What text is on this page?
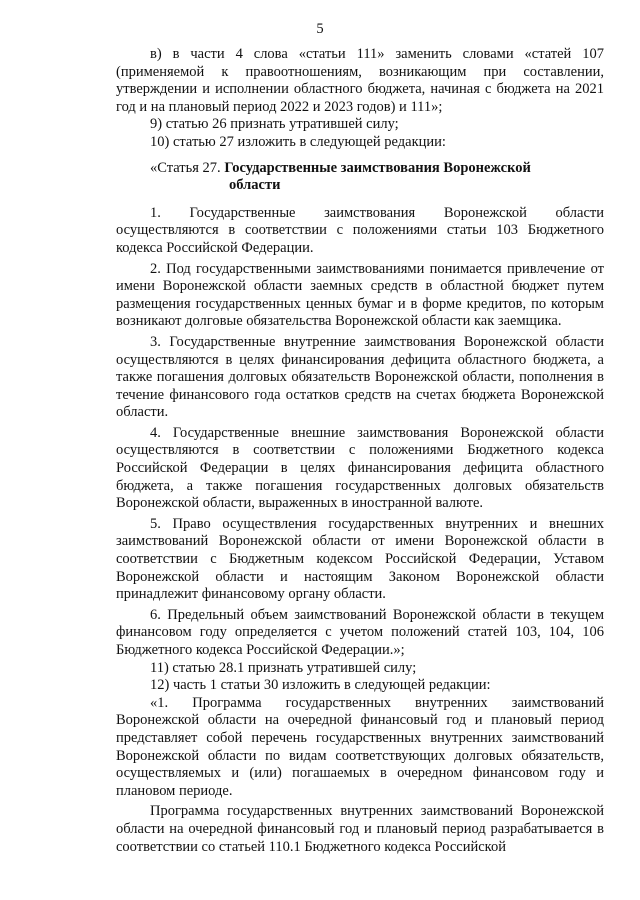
5

в) в части 4 слова «статьи 111» заменить словами «статей 107 (применяемой к правоотношениям, возникающим при составлении, утверждении и исполнении областного бюджета, начиная с бюджета на 2021 год и на плановый период 2022 и 2023 годов) и 111»;

9) статью 26 признать утратившей силу;

10) статью 27 изложить в следующей редакции:

«Статья 27. Государственные заимствования Воронежской
области

1. Государственные заимствования Воронежской области осуществляются в соответствии с положениями статьи 103 Бюджетного кодекса Российской Федерации.

2. Под государственными заимствованиями понимается привлечение от имени Воронежской области заемных средств в областной бюджет путем размещения государственных ценных бумаг и в форме кредитов, по которым возникают долговые обязательства Воронежской области как заемщика.

3. Государственные внутренние заимствования Воронежской области осуществляются в целях финансирования дефицита областного бюджета, а также погашения долговых обязательств Воронежской области, пополнения в течение финансового года остатков средств на счетах бюджета Воронежской области.

4. Государственные внешние заимствования Воронежской области осуществляются в соответствии с положениями Бюджетного кодекса Российской Федерации в целях финансирования дефицита областного бюджета, а также погашения государственных долговых обязательств Воронежской области, выраженных в иностранной валюте.

5. Право осуществления государственных внутренних и внешних заимствований Воронежской области от имени Воронежской области в соответствии с Бюджетным кодексом Российской Федерации, Уставом Воронежской области и настоящим Законом Воронежской области принадлежит финансовому органу области.

6. Предельный объем заимствований Воронежской области в текущем финансовом году определяется с учетом положений статей 103, 104, 106 Бюджетного кодекса Российской Федерации.»;

11) статью 28.1 признать утратившей силу;

12) часть 1 статьи 30 изложить в следующей редакции:

«1. Программа государственных внутренних заимствований Воронежской области на очередной финансовый год и плановый период представляет собой перечень государственных внутренних заимствований Воронежской области по видам соответствующих долговых обязательств, осуществляемых и (или) погашаемых в очередном финансовом году и плановом периоде.

Программа государственных внутренних заимствований Воронежской области на очередной финансовый год и плановый период разрабатывается в соответствии со статьей 110.1 Бюджетного кодекса Российской
